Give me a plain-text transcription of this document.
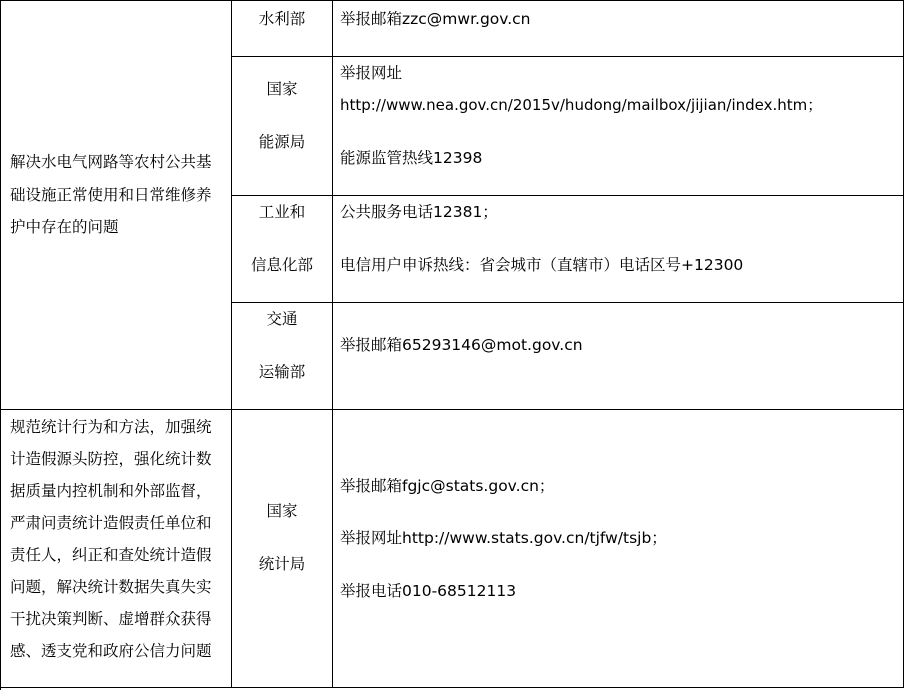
解决水电气网路等农村公共基
础设施正常使用和日常维修养
护中存在的问题
水利部	举报邮箱zzc@mwr.gov.cn
国家
能源局
举报网址
http://www.nea.gov.cn/2015v/hudong/mailbox/jijian/index.htm；
能源监管热线12398
工业和
信息化部
公共服务电话12381；
电信用户申诉热线：省会城市（直辖市）电话区号+12300
交通
运输部
举报邮箱65293146@mot.gov.cn
规范统计行为和方法，加强统
计造假源头防控，强化统计数
据质量内控机制和外部监督，
严肃问责统计造假责任单位和
责任人，纠正和查处统计造假
问题，解决统计数据失真失实
干扰决策判断、虚增群众获得
感、透支党和政府公信力问题
国家
统计局
举报邮箱fgjc@stats.gov.cn；
举报网址http://www.stats.gov.cn/tjfw/tsjb；
举报电话010-68512113
